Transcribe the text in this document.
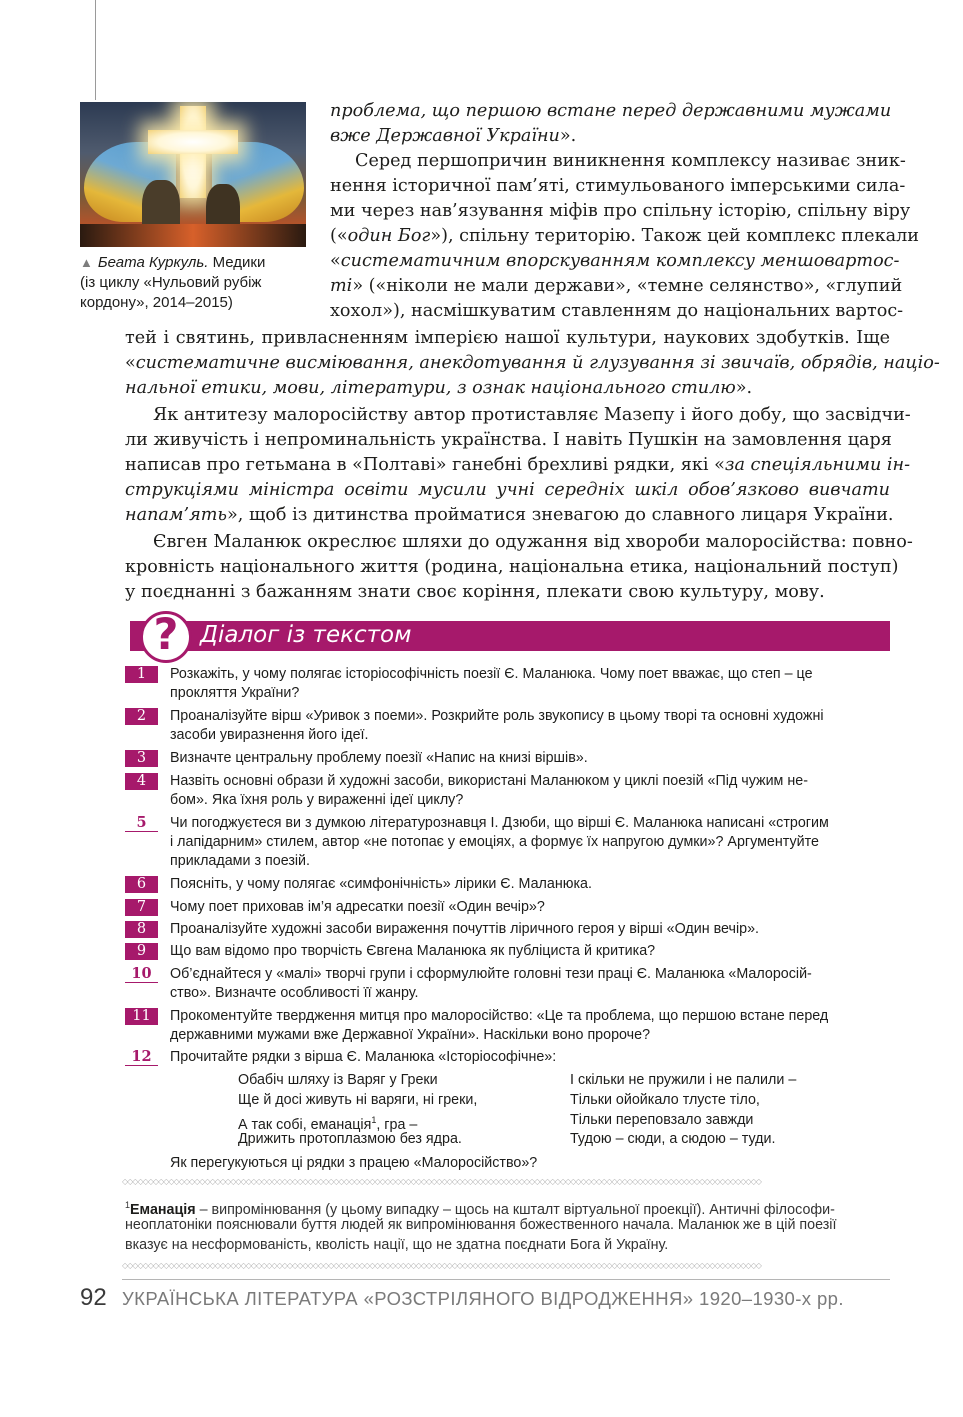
▲ Беата Куркуль. Медики
(із циклу «Нульовий рубіж
кордону», 2014–2015)
проблема, що першою встане перед державними мужами
вже Державної України».
Серед першопричин виникнення комплексу називає зник-
нення історичної пам’яті, стимульованого імперськими сила-
ми через нав’язування міфів про спільну історію, спільну віру
(«один Бог»), спільну територію. Також цей комплекс плекали
«систематичним впорскуванням комплексу меншовартос-
ті» («ніколи не мали держави», «темне селянство», «глупий
хохол»), насмішкуватим ставленням до національних вартос-
тей і святинь, привласненням імперією нашої культури, наукових здобутків. Іще
«систематичне висміювання, анекдотування й глузування зі звичаїв, обрядів, націо-
нальної етики, мови, літератури, з ознак національного стилю».
Як антитезу малоросійству автор протиставляє Мазепу і його добу, що засвідчи-
ли живучість і непроминальність українства. І навіть Пушкін на замовлення царя
написав про гетьмана в «Полтаві» ганебні брехливі рядки, які «за спеціяльними ін-
струкціями міністра освіти мусили учні середніх шкіл обов’язково вивчати
напам’ять», щоб із дитинства пройматися зневагою до славного лицаря України.
Євген Маланюк окреслює шляхи до одужання від хвороби малоросійства: повно-
кровність національного життя (родина, національна етика, національний поступ)
у поєднанні з бажанням знати своє коріння, плекати свою культуру, мову.
? Діалог із текстом
1	Розкажіть, у чому полягає історіософічність поезії Є. Маланюка. Чому поет вважає, що степ – це
прокляття України?
2	Проаналізуйте вірш «Уривок з поеми». Розкрийте роль звукопису в цьому творі та основні художні
засоби увиразнення його ідеї.
3	Визначте центральну проблему поезії «Напис на книзі віршів».
4	Назвіть основні образи й художні засоби, використані Маланюком у циклі поезій «Під чужим не-
бом». Яка їхня роль у вираженні ідеї циклу?
5	Чи погоджуєтеся ви з думкою літературознавця І. Дзюби, що вірші Є. Маланюка написані «строгим
і лапідарним» стилем, автор «не потопає у емоціях, а формує їх напругою думки»? Аргументуйте
прикладами з поезій.
6	Поясніть, у чому полягає «симфонічність» лірики Є. Маланюка.
7	Чому поет приховав ім’я адресатки поезії «Один вечір»?
8	Проаналізуйте художні засоби вираження почуттів ліричного героя у вірші «Один вечір».
9	Що вам відомо про творчість Євгена Маланюка як публіциста й критика?
10	Об’єднайтеся у «малі» творчі групи і сформулюйте головні тези праці Є. Маланюка «Малоросій-
ство». Визначте особливості її жанру.
11	Прокоментуйте твердження митця про малоросійство: «Це та проблема, що першою встане перед
державними мужами вже Державної України». Наскільки воно пророче?
12	Прочитайте рядки з вірша Є. Маланюка «Історіософічне»:
Обабіч шляху із Варяг у Греки
Ще й досі живуть ні варяги, ні греки,
А так собі, еманація$^1$, гра –
Дрижить протоплазмою без ядра.
І скільки не пружили і не палили –
Тільки ойойкало тлусте тіло,
Тільки переповзало завжди
Тудою – сюди, а сюдою – туди.
Як перегукуються ці рядки з працею «Малоросійство»?
◇◇◇◇◇◇◇◇◇◇◇◇◇◇◇◇◇◇◇◇◇◇◇◇◇◇◇◇◇◇◇◇◇◇◇◇◇◇◇◇◇◇◇◇◇◇◇◇◇◇◇◇◇◇◇◇◇◇◇◇◇◇◇◇◇◇◇◇◇◇◇◇◇◇◇◇◇◇◇◇◇◇◇◇◇◇◇◇◇◇◇◇◇◇◇◇◇◇◇◇◇◇◇◇◇◇◇◇◇◇◇◇◇◇◇◇◇◇◇◇◇◇◇◇
$^1$Еманація – випромінювання (у цьому випадку – щось на кшталт віртуальної проекції). Античні філософи-
неоплатоніки пояснювали буття людей як випромінювання божественного начала. Маланюк же в цій поезії
вказує на несформованість, кволість нації, що не здатна поєднати Бога й Україну.
◇◇◇◇◇◇◇◇◇◇◇◇◇◇◇◇◇◇◇◇◇◇◇◇◇◇◇◇◇◇◇◇◇◇◇◇◇◇◇◇◇◇◇◇◇◇◇◇◇◇◇◇◇◇◇◇◇◇◇◇◇◇◇◇◇◇◇◇◇◇◇◇◇◇◇◇◇◇◇◇◇◇◇◇◇◇◇◇◇◇◇◇◇◇◇◇◇◇◇◇◇◇◇◇◇◇◇◇◇◇◇◇◇◇◇◇◇◇◇◇◇◇◇◇
92 УКРАЇНСЬКА ЛІТЕРАТУРА «РОЗСТРІЛЯНОГО ВІДРОДЖЕННЯ» 1920–1930-х рр.
